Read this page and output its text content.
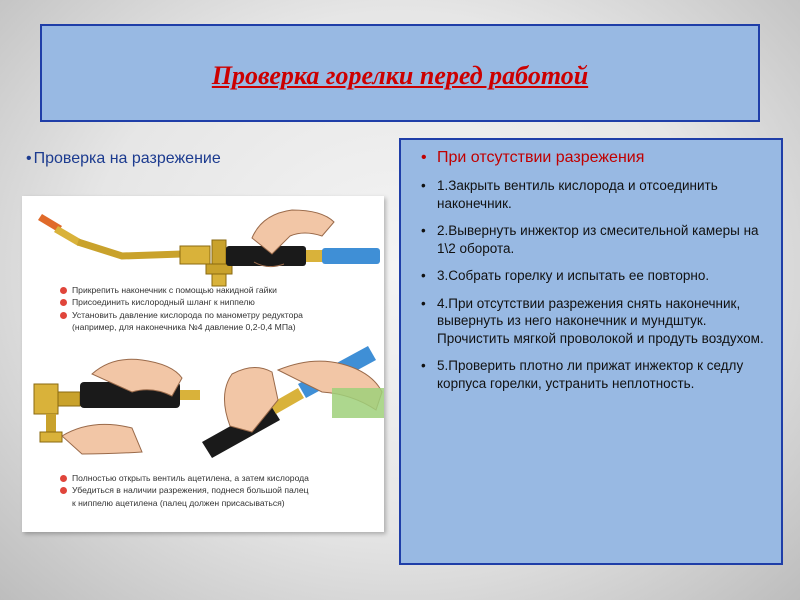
Проверка горелки перед работой
• Проверка на разрежение
Прикрепить наконечник с помощью накидной гайки
Присоединить кислородный шланг к ниппелю
Установить давление кислорода по манометру редуктора
(например, для наконечника №4 давление 0,2-0,4 МПа)
Полностью открыть вентиль ацетилена, а затем кислорода
Убедиться в наличии разрежения, поднеся большой палец
к ниппелю ацетилена (палец должен присасываться)
• При отсутствии разрежения
• 1.Закрыть вентиль кислорода и отсоединить наконечник.
• 2.Вывернуть инжектор из смесительной камеры на 1\2 оборота.
• 3.Собрать горелку и испытать ее повторно.
• 4.При отсутствии разрежения снять наконечник, вывернуть из него наконечник и мундштук. Прочистить мягкой проволокой и продуть воздухом.
• 5.Проверить плотно ли прижат инжектор к седлу корпуса горелки, устранить неплотность.
